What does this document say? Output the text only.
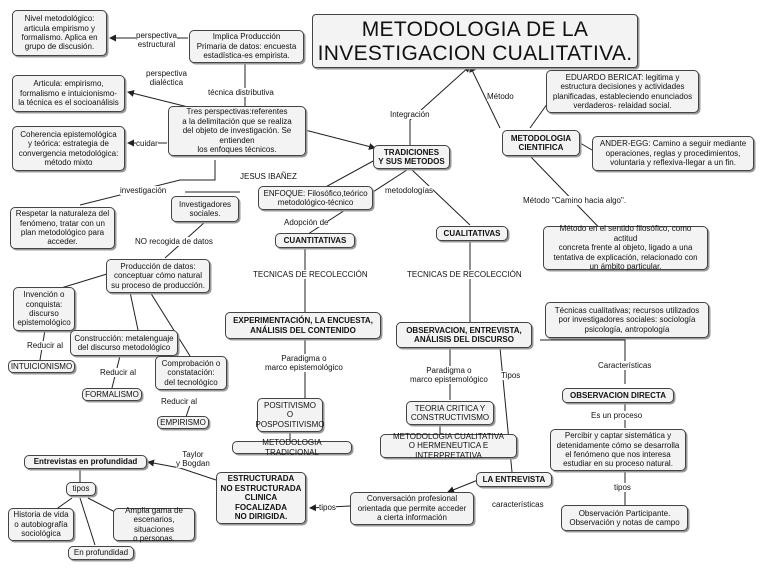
METODOLOGIA DE LA
INVESTIGACION CUALITATIVA.
Nivel metodológico:
articula empirismo y
formalismo. Aplica en
grupo de discusión.
Implica Producción
Primaria de datos: encuesta
estadística-es empirista.
Articula: empirismo,
formalismo e intuicionismo-
la técnica es el socioanálisis
Tres perspectivas:referentes
a la delimitación que se realiza
del objeto de investigación. Se entienden
los enfoques técnicos.
Coherencia epistemológica
y teórica: estrategia de
convergencia metodológica:
método mixto
TRADICIONES
Y SUS METODOS
EDUARDO BERICAT: legitima y
estructura decisiones y actividades
planificadas, estableciendo enunciados
verdaderos- relaidad social.
METODOLOGIA
CIENTIFICA	ANDER-EGG: Camino a seguir mediante
operaciones, reglas y procedimientos,
voluntaria y reflexiva-llegar a un fin.
ENFOQUE: Filosófico,teórico
metodológico-técnico
Respetar la naturaleza del
fenómeno, tratar con un
plan metodológico para
acceder.
Investigadores
sociales.
CUANTITATIVAS
CUALITATIVAS	Método en el sentido filosófico, como actitud
concreta frente al objeto, ligado a una
tentativa de explicación, relacionado con
un ámbito particular.
Producción de datos:
conceptuar cómo natural
su proceso de producción.
Invención o
conquista:
discurso
epistemológico	EXPERIMENTACIÓN, LA ENCUESTA,
ANÁLISIS DEL CONTENIDO	OBSERVACION, ENTREVISTA,
ANÁLISIS DEL DISCURSO
Técnicas cualitativas; recursos utilizados
por investigadores sociales: sociología
psicología, antropología
Construcción: metalenguaje
del discurso metodológico
INTUICIONISMO	Comprobación o
constatación:
del tecnológico
FORMALISMO
POSITIVISMO
O
POSPOSITIVISMO
TEORIA CRITICA Y
CONSTRUCTIVISMO
OBSERVACION DIRECTA
EMPIRISMO
METODOLOGIA TRADICIONAL
METODOLOGIA CUALITATIVA
O HERMENEUTICA E INTERPRETATIVA
Percibir y captar sistemática y
detenidamente cómo se desarrolla
el fenómeno que nos interesa
estudiar en su proceso natural.
Entrevistas en profundidad
ESTRUCTURADA
NO ESTRUCTURADA
CLINICA
FOCALIZADA
NO DIRIGIDA.
LA ENTREVISTA
tipos
Conversación profesional
orientada que permite acceder
a cierta información
Observación Participante.
Observación y notas de campo
Historia de vida
o autobiografía
sociológica
Amplia gama de
escenarios, situaciones
o personas.
En profundidad
perspectiva
estructural
perspectiva
dialéctica
técnica distributiva
Integración
Método
cuidar
JESUS IBAÑEZ
metodologías
investigación
Método "Camino hacia algo".
Adopción de
NO recogida de datos
TECNICAS DE RECOLECCIÓN	TECNICAS DE RECOLECCIÓN
Reducir al
Paradigma o
marco epistemológico	Características
Reducir al	Paradigma o
marco epistemológico Tipos
Reducir al
Es un proceso
Taylor
y Bogdan
tipos
tipos
características
